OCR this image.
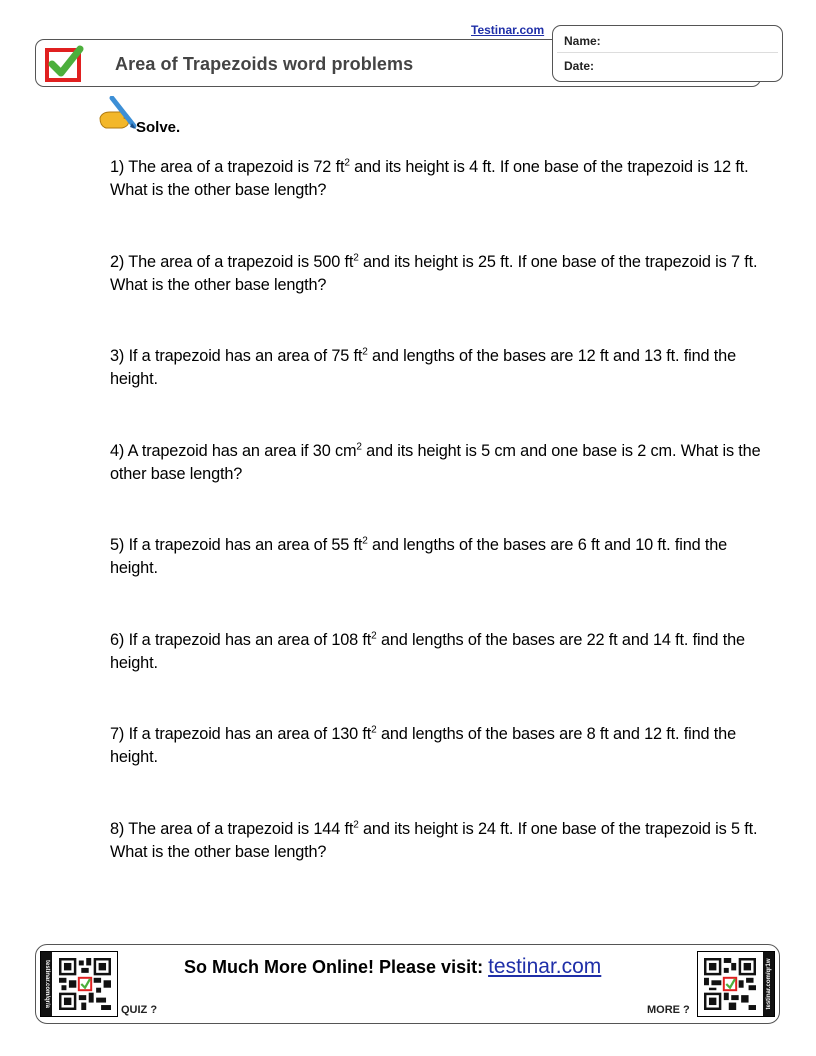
Area of Trapezoids word problems
Testinar.com
Name:
Date:
Solve.
1) The area of a trapezoid is 72 $ft^2$ and its height is 4 ft. If one base of the trapezoid is 12 ft. What is the other base length?
2) The area of a trapezoid is 500 $ft^2$ and its height is 25 ft. If one base of the trapezoid is 7 ft. What is the other base length?
3) If a trapezoid has an area of 75 $ft^2$ and lengths of the bases are 12 ft and 13 ft. find the height.
4) A trapezoid has an area if 30 $cm^2$ and its height is 5 cm and one base is 2 cm. What is the other base length?
5) If a trapezoid has an area of 55 $ft^2$ and lengths of the bases are 6 ft and 10 ft. find the height.
6) If a trapezoid has an area of 108 $ft^2$ and lengths of the bases are 22 ft and 14 ft. find the height.
7) If a trapezoid has an area of 130 $ft^2$ and lengths of the bases are 8 ft and 12 ft. find the height.
8) The area of a trapezoid is 144 $ft^2$ and its height is 24 ft. If one base of the trapezoid is 5 ft. What is the other base length?
testinar.com/qr/a
QUIZ ?
So Much More Online! Please visit: testinar.com
MORE ?
testinar.com/qr1w
